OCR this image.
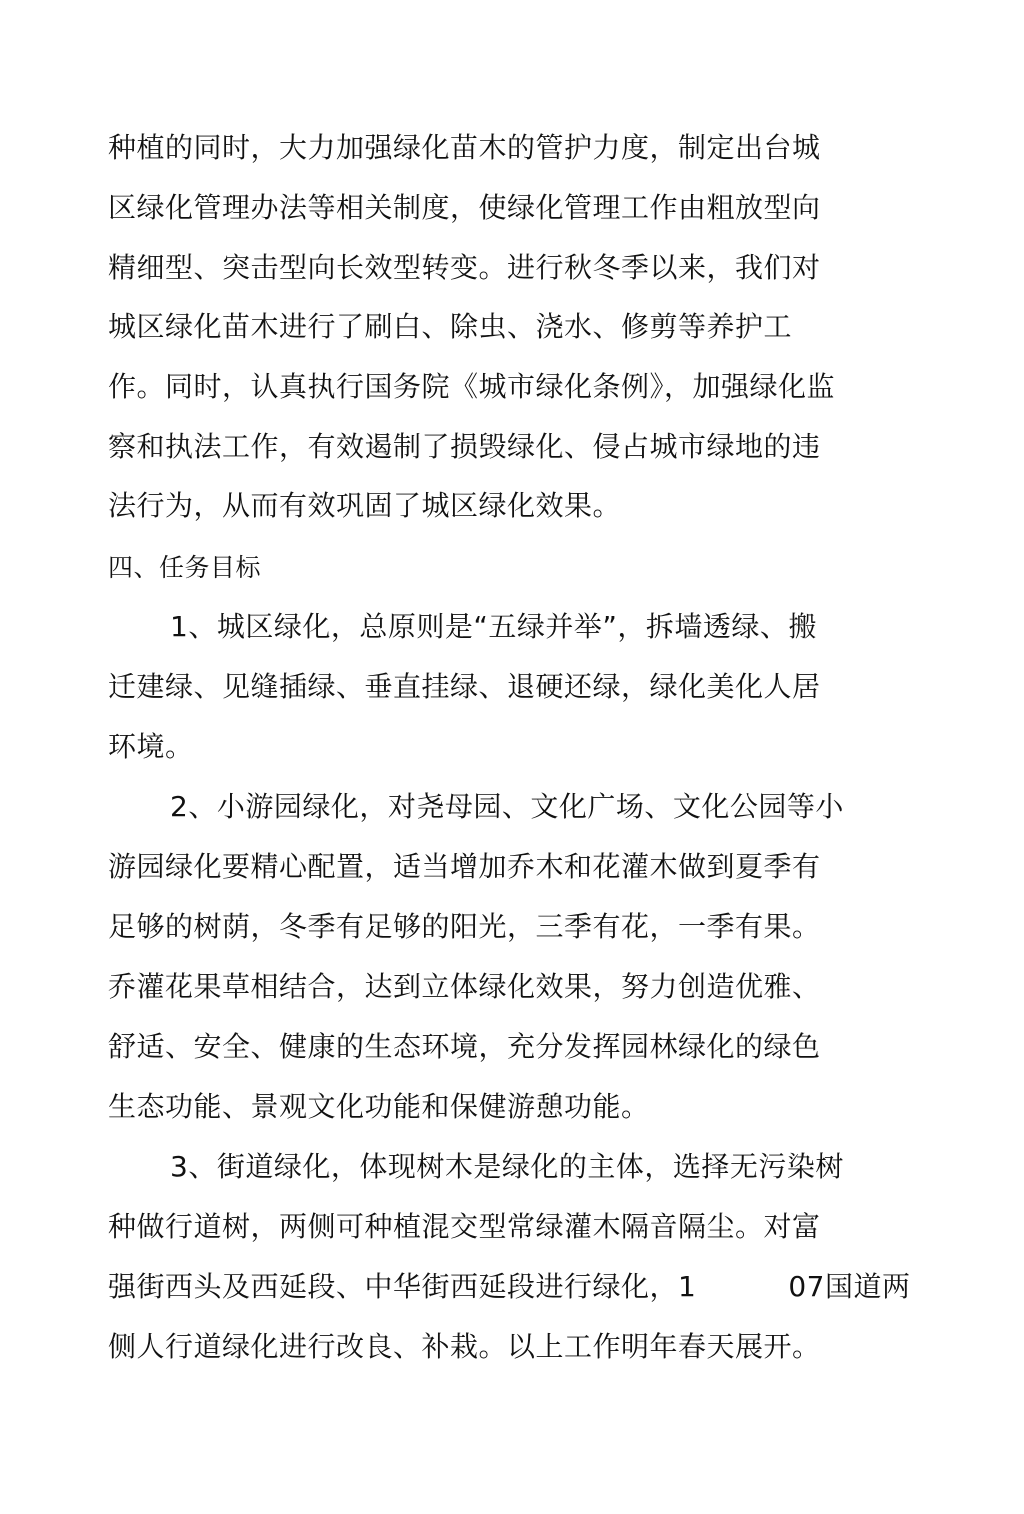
种植的同时，大力加强绿化苗木的管护力度，制定出台城
区绿化管理办法等相关制度，使绿化管理工作由粗放型向
精细型、突击型向长效型转变。进行秋冬季以来，我们对
城区绿化苗木进行了刷白、除虫、浇水、修剪等养护工
作。同时，认真执行国务院《城市绿化条例》，加强绿化监
察和执法工作，有效遏制了损毁绿化、侵占城市绿地的违
法行为，从而有效巩固了城区绿化效果。
四、任务目标
1、城区绿化，总原则是“五绿并举”，拆墙透绿、搬
迁建绿、见缝插绿、垂直挂绿、退硬还绿，绿化美化人居
环境。
2、小游园绿化，对尧母园、文化广场、文化公园等小
游园绿化要精心配置，适当增加乔木和花灌木做到夏季有
足够的树荫，冬季有足够的阳光，三季有花，一季有果。
乔灌花果草相结合，达到立体绿化效果，努力创造优雅、
舒适、安全、健康的生态环境，充分发挥园林绿化的绿色
生态功能、景观文化功能和保健游憩功能。
3、街道绿化，体现树木是绿化的主体，选择无污染树
种做行道树，两侧可种植混交型常绿灌木隔音隔尘。对富
强街西头及西延段、中华街西延段进行绿化，1	07国道两
侧人行道绿化进行改良、补栽。以上工作明年春天展开。
